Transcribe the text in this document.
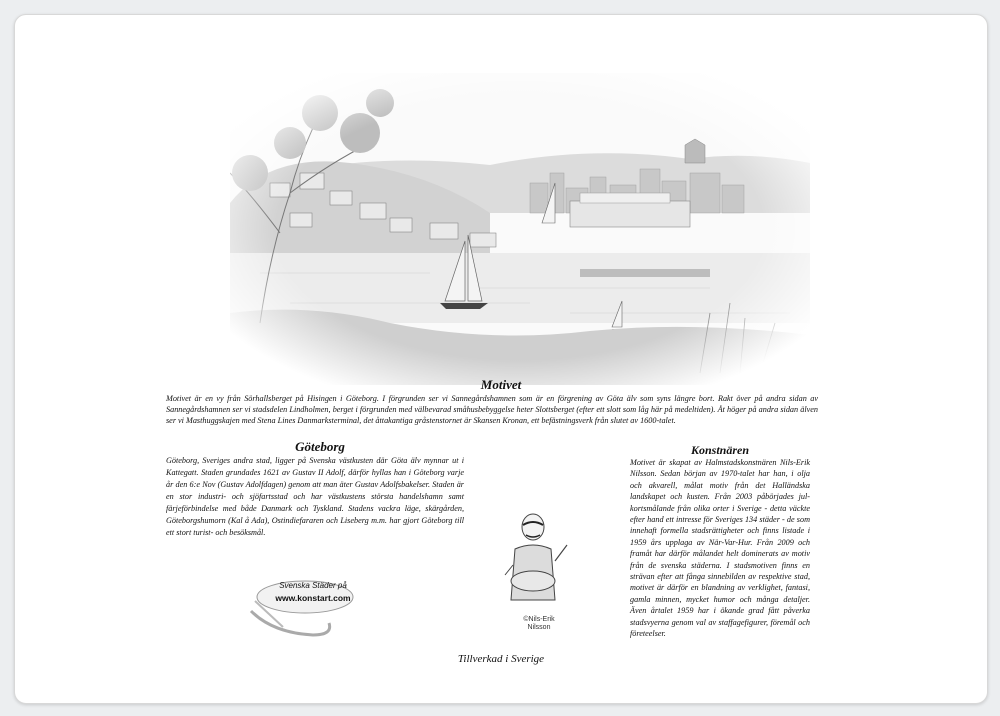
Motivet
Motivet är en vy från Sörhallsberget på Hisingen i Göteborg. I förgrunden ser vi Sannegårdshamnen som är en förgrening av Göta älv som syns längre bort. Rakt över på andra sidan av Sannegårdshamnen ser vi stadsdelen Lindholmen, berget i förgrunden med välbevarad småhusbebyggelse heter Slottsberget (efter ett slott som låg här på medeltiden). Åt höger på andra sidan älven ser vi Masthuggskajen med Stena Lines Danmarksterminal, det åttakantiga gråstenstornet är Skansen Kronan, ett befästningsverk från slutet av 1600-talet.
Göteborg
Göteborg, Sveriges andra stad, ligger på Svenska västkusten där Göta älv mynnar ut i Kattegatt. Staden grundades 1621 av Gustav II Adolf, därför hyllas han i Göteborg varje år den 6:e Nov (Gustav Adolfdagen) genom att man äter Gustav Adolfsbakelser. Staden är en stor industri- och sjöfartsstad och har västkustens största handelshamn samt färjeförbindelse med både Danmark och Tyskland. Stadens vackra läge, skärgården, Göteborgshumorn (Kal å Ada), Ostindiefararen och Liseberg m.m. har gjort Göteborg till ett stort turist- och besöksmål.
Konstnären
Motivet är skapat av Halmstadskonstnären Nils-Erik Nilsson. Sedan början av 1970-talet har han, i olja och akvarell, målat motiv från det Halländska landskapet och kusten. Från 2003 påbörjades jul-kortsmålande från olika orter i Sverige - detta väckte efter hand ett intresse för Sveriges 134 städer - de som innehaft formella stadsrättigheter och finns listade i 1959 års upplaga av När-Var-Hur. Från 2009 och framåt har därför målandet helt dominerats av motiv från de svenska städerna. I stadsmotiven finns en strävan efter att fånga sinnebilden av respektive stad, motivet är därför en blandning av verklighet, fantasi, gamla minnen, mycket humor och många detaljer. Även årtalet 1959 har i ökande grad fått påverka stadsvyerna genom val av staffagefigurer, föremål och företeelser.
Svenska Städer på
www.konstart.com
©Nils-Erik
Nilsson
Tillverkad i Sverige
